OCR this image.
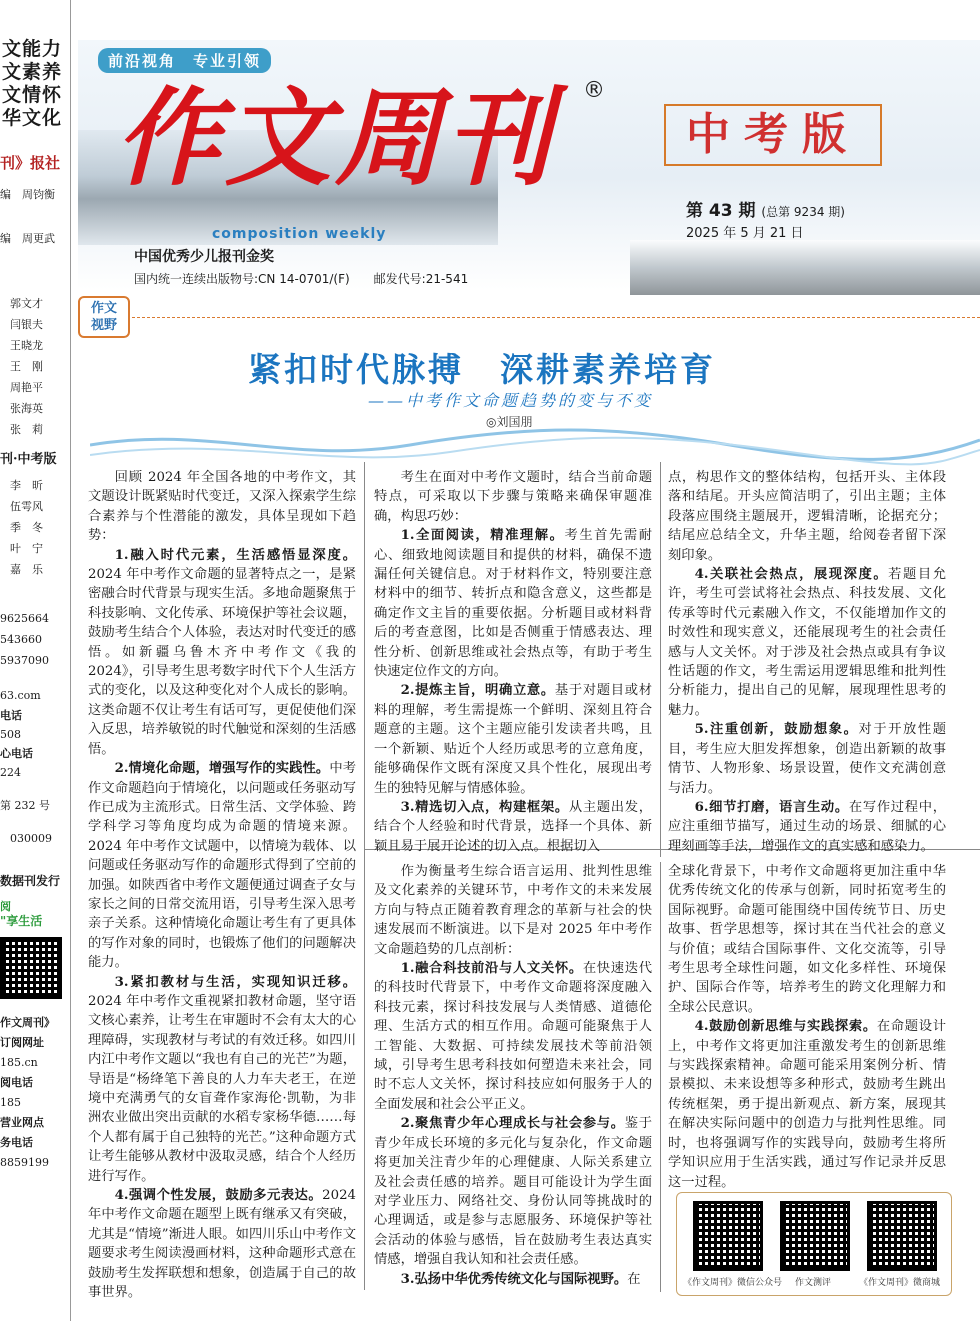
文能力
文素养
文情怀
华文化
刊》报社
编　周钧衡
编　周更武
郭文才
闫银夫
王晓龙
王　刚
周艳平
张海英
张　莉
刊·中考版
李　昕
伍雩风
季　冬
叶　宁
嘉　乐
9625664
543660
5937090
63.com
电话
508
心电话
224
第 232 号
030009
数据刊发行
阅
"享生活
作文周刊》
订阅网址
185.cn
阅电话
185
营业网点
务电话
8859199
前沿视角　专业引领
作文周刊 ®
composition weekly
中国优秀少儿报刊金奖
国内统一连续出版物号:CN 14-0701/(F)　　邮发代号:21-541
中考版
第 43 期 (总第 9234 期)
2025 年 5 月 21 日
作文
视野
紧扣时代脉搏　深耕素养培育
——中考作文命题趋势的变与不变
◎刘国朋

回顾 2024 年全国各地的中考作文，其文题设计既紧贴时代变迁，又深入探索学生综合素养与个性潜能的激发，具体呈现如下趋势：

1.融入时代元素，生活感悟显深度。2024 年中考作文命题的显著特点之一，是紧密融合时代背景与现实生活。多地命题聚焦于科技影响、文化传承、环境保护等社会议题，鼓励考生结合个人体验，表达对时代变迁的感悟。如新疆乌鲁木齐中考作文《我的 2024》，引导考生思考数字时代下个人生活方式的变化，以及这种变化对个人成长的影响。这类命题不仅让考生有话可写，更促使他们深入反思，培养敏锐的时代触觉和深刻的生活感悟。

2.情境化命题，增强写作的实践性。中考作文命题趋向于情境化，以问题或任务驱动写作已成为主流形式。日常生活、文学体验、跨学科学习等角度均成为命题的情境来源。2024 年中考作文试题中，以情境为载体、以问题或任务驱动写作的命题形式得到了空前的加强。如陕西省中考作文题便通过调查子女与家长之间的日常交流用语，引导考生深入思考亲子关系。这种情境化命题让考生有了更具体的写作对象的同时，也锻炼了他们的问题解决能力。

3.紧扣教材与生活，实现知识迁移。2024 年中考作文重视紧扣教材命题，坚守语文核心素养，让考生在审题时不会有太大的心理障碍，实现教材与考试的有效迁移。如四川内江中考作文题以“我也有自己的光芒”为题，导语是“杨绛笔下善良的人力车夫老王，在逆境中充满勇气的女盲聋作家海伦·凯勒，为非洲农业做出突出贡献的水稻专家杨华德……每个人都有属于自己独特的光芒。”这种命题方式让考生能够从教材中汲取灵感，结合个人经历进行写作。

4.强调个性发展，鼓励多元表达。2024 年中考作文命题在题型上既有继承又有突破，尤其是“情境”渐进人眼。如四川乐山中考作文题要求考生阅读漫画材料，这种命题形式意在鼓励考生发挥联想和想象，创造属于自己的故事世界。

考生在面对中考作文题时，结合当前命题特点，可采取以下步骤与策略来确保审题准确，构思巧妙：

1.全面阅读，精准理解。考生首先需耐心、细致地阅读题目和提供的材料，确保不遗漏任何关键信息。对于材料作文，特别要注意材料中的细节、转折点和隐含意义，这些都是确定作文主旨的重要依据。分析题目或材料背后的考查意图，比如是否侧重于情感表达、理性分析、创新思维或社会热点等，有助于考生快速定位作文的方向。

2.提炼主旨，明确立意。基于对题目或材料的理解，考生需提炼一个鲜明、深刻且符合题意的主题。这个主题应能引发读者共鸣，且一个新颖、贴近个人经历或思考的立意角度，能够确保作文既有深度又具个性化，展现出考生的独特见解与情感体验。

3.精选切入点，构建框架。从主题出发，结合个人经验和时代背景，选择一个具体、新颖且易于展开论述的切入点。根据切入

点，构思作文的整体结构，包括开头、主体段落和结尾。开头应简洁明了，引出主题；主体段落应围绕主题展开，逻辑清晰，论据充分；结尾应总结全文，升华主题，给阅卷者留下深刻印象。

4.关联社会热点，展现深度。若题目允许，考生可尝试将社会热点、科技发展、文化传承等时代元素融入作文，不仅能增加作文的时效性和现实意义，还能展现考生的社会责任感与人文关怀。对于涉及社会热点或具有争议性话题的作文，考生需运用逻辑思维和批判性分析能力，提出自己的见解，展现理性思考的魅力。

5.注重创新，鼓励想象。对于开放性题目，考生应大胆发挥想象，创造出新颖的故事情节、人物形象、场景设置，使作文充满创意与活力。

6.细节打磨，语言生动。在写作过程中，应注重细节描写，通过生动的场景、细腻的心理刻画等手法，增强作文的真实感和感染力。

作为衡量考生综合语言运用、批判性思维及文化素养的关键环节，中考作文的未来发展方向与特点正随着教育理念的革新与社会的快速发展而不断演进。以下是对 2025 年中考作文命题趋势的几点剖析：

1.融合科技前沿与人文关怀。在快速迭代的科技时代背景下，中考作文命题将深度融入科技元素，探讨科技发展与人类情感、道德伦理、生活方式的相互作用。命题可能聚焦于人工智能、大数据、可持续发展技术等前沿领域，引导考生思考科技如何塑造未来社会，同时不忘人文关怀，探讨科技应如何服务于人的全面发展和社会公平正义。

2.聚焦青少年心理成长与社会参与。鉴于青少年成长环境的多元化与复杂化，作文命题将更加关注青少年的心理健康、人际关系建立及社会责任感的培养。题目可能设计为学生面对学业压力、网络社交、身份认同等挑战时的心理调适，或是参与志愿服务、环境保护等社会活动的体验与感悟，旨在鼓励考生表达真实情感，增强自我认知和社会责任感。

3.弘扬中华优秀传统文化与国际视野。在

全球化背景下，中考作文命题将更加注重中华优秀传统文化的传承与创新，同时拓宽考生的国际视野。命题可能围绕中国传统节日、历史故事、哲学思想等，探讨其在当代社会的意义与价值；或结合国际事件、文化交流等，引导考生思考全球性问题，如文化多样性、环境保护、国际合作等，培养考生的跨文化理解力和全球公民意识。

4.鼓励创新思维与实践探索。在命题设计上，中考作文将更加注重激发考生的创新思维与实践探索精神。命题可能采用案例分析、情景模拟、未来设想等多种形式，鼓励考生跳出传统框架，勇于提出新观点、新方案，展现其在解决实际问题中的创造力与批判性思维。同时，也将强调写作的实践导向，鼓励考生将所学知识应用于生活实践，通过写作记录并反思这一过程。

《作文周刊》微信公众号 作文测评	《作文周刊》微商城
